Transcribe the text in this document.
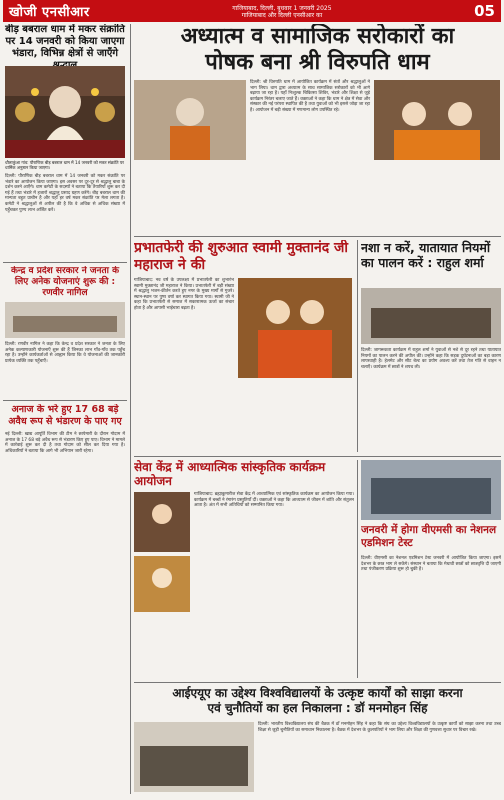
खोजी एनसीआर	गाजियाबाद, दिल्ली, बुधवार 1 जनवरी 2025
गाजियाबाद और दिल्ली एनसीआर का	05
बीड़ बबराल धाम में मकर संक्रांति पर 14 जनवरी को किया जाएगा भंडारा, विभिन्न क्षेत्रों से जाएँगे
धौलाकुंआ गांव: पौराणिक बीड़ बबराल धाम में 14 जनवरी को मकर संक्रांति पर धार्मिक अनुष्ठान किया जाएगा।

दिल्ली: पौराणिक बीड़ बबराल धाम में 14 जनवरी को मकर संक्रांति पर भंडारे का आयोजन किया जाएगा। इस अवसर पर दूर-दूर से श्रद्धालु बाबा के दर्शन करने आएँगे। धाम कमेटी के सदस्यों ने बताया कि तैयारियाँ शुरू कर दी गई हैं तथा भंडारे में हजारों श्रद्धालु प्रसाद ग्रहण करेंगे। बीड़ बबराल धाम की मान्यता बहुत प्राचीन है और यहाँ हर वर्ष मकर संक्रांति पर मेला लगता है। कमेटी ने श्रद्धालुओं से अपील की है कि वे अधिक से अधिक संख्या में पहुँचकर पुण्य लाभ अर्जित करें।

केन्द्र व प्रदेश सरकार ने जनता के लिए अनेक योजनाएं शुरू की : रणवीर नागिल

दिल्ली: रणवीर नागिल ने कहा कि केन्द्र व प्रदेश सरकार ने जनता के लिए अनेक कल्याणकारी योजनाएँ शुरू की हैं जिनका लाभ गाँव-गाँव तक पहुँच रहा है। उन्होंने कार्यकर्ताओं से आह्वान किया कि वे योजनाओं की जानकारी प्रत्येक व्यक्ति तक पहुँचाएँ।

अनाज के भरे हुए 17 68 बड़े अवैध रूप से भंडारण के पाए गए

नई दिल्ली: खाद्य आपूर्ति विभाग की टीम ने छापेमारी के दौरान गोदाम में अनाज के 17 68 बड़े अवैध रूप से भंडारण किए हुए पाए। विभाग ने मामले में कार्रवाई शुरू कर दी है तथा गोदाम को सील कर दिया गया है। अधिकारियों ने बताया कि आगे भी अभियान जारी रहेगा।

अध्यात्म व सामाजिक सरोकारों का
पोषक बना श्री विरुपति धाम

दिल्ली: श्री विरुपति धाम में आयोजित कार्यक्रम में संतों और श्रद्धालुओं ने भाग लिया। धाम द्वारा अध्यात्म के साथ सामाजिक सरोकारों को भी आगे बढ़ाया जा रहा है। यहाँ निःशुल्क चिकित्सा शिविर, भंडारे और शिक्षा से जुड़े कार्यक्रम निरंतर चलाए जाते हैं। वक्ताओं ने कहा कि धाम ने क्षेत्र में सेवा और संस्कार की नई परंपरा स्थापित की है तथा युवाओं को भी इससे जोड़ा जा रहा है। आयोजन में बड़ी संख्या में गणमान्य लोग उपस्थित रहे।

प्रभातफेरी की शुरुआत स्वामी मुक्तानंद जी महाराज ने की

गाजियाबाद: नव वर्ष के उपलक्ष्य में प्रभातफेरी का शुभारंभ स्वामी मुक्तानंद जी महाराज ने किया। प्रभातफेरी में बड़ी संख्या में श्रद्धालु भजन-कीर्तन करते हुए नगर के मुख्य मार्गों से गुजरे। स्थान-स्थान पर पुष्प वर्षा कर स्वागत किया गया। स्वामी जी ने कहा कि प्रभातफेरी से समाज में सकारात्मक ऊर्जा का संचार होता है और आपसी भाईचारा बढ़ता है।

नशा न करें, यातायात नियमों का पालन करें : राहुल शर्मा

दिल्ली: जागरूकता कार्यक्रम में राहुल शर्मा ने युवाओं से नशे से दूर रहने तथा यातायात नियमों का पालन करने की अपील की। उन्होंने कहा कि सड़क दुर्घटनाओं का बड़ा कारण लापरवाही है। हेलमेट और सीट बेल्ट का प्रयोग अवश्य करें तथा तेज गति से वाहन न चलाएँ। कार्यक्रम में छात्रों ने शपथ ली।

सेवा केंद्र में आध्यात्मिक सांस्कृतिक कार्यक्रम आयोजन

गाजियाबाद: ब्रह्माकुमारीज सेवा केंद्र में आध्यात्मिक एवं सांस्कृतिक कार्यक्रम का आयोजन किया गया। कार्यक्रम में बच्चों ने रंगारंग प्रस्तुतियाँ दीं। वक्ताओं ने कहा कि आध्यात्म से जीवन में शांति और संतुलन आता है। अंत में सभी अतिथियों को सम्मानित किया गया।

जनवरी में होगा वीएमसी का नेशनल एडमिशन टेस्ट

दिल्ली: वीएमसी का नेशनल एडमिशन टेस्ट जनवरी में आयोजित किया जाएगा। इसमें देशभर के छात्र भाग ले सकेंगे। संस्थान ने बताया कि मेधावी छात्रों को छात्रवृत्ति दी जाएगी तथा पंजीकरण प्रक्रिया शुरू हो चुकी है।

आईएयूए का उद्देश्य विश्वविद्यालयों के उत्कृष्ट कार्यों को साझा करना
एवं चुनौतियों का हल निकालना : डॉ मनमोहन सिंह

दिल्ली: भारतीय विश्वविद्यालय संघ की बैठक में डॉ मनमोहन सिंह ने कहा कि संघ का उद्देश्य विश्वविद्यालयों के उत्कृष्ट कार्यों को साझा करना तथा उच्च शिक्षा से जुड़ी चुनौतियों का समाधान निकालना है। बैठक में देशभर के कुलपतियों ने भाग लिया और शिक्षा की गुणवत्ता सुधार पर विचार रखे।
